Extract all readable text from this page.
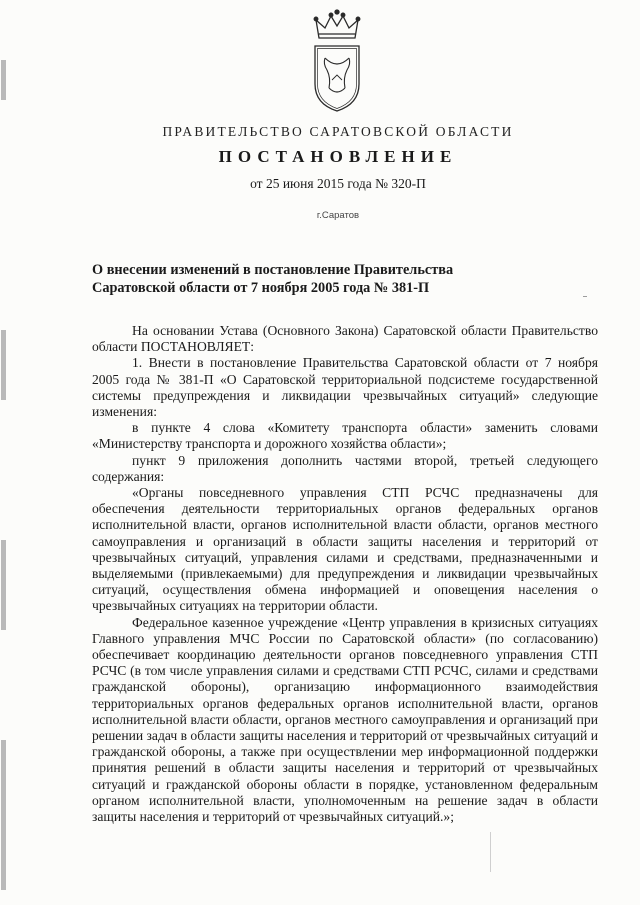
ПРАВИТЕЛЬСТВО САРАТОВСКОЙ ОБЛАСТИ
ПОСТАНОВЛЕНИЕ
от 25 июня 2015 года № 320-П
г.Саратов
О внесении изменений в постановление Правительства
Саратовской области от 7 ноября 2005 года № 381-П

На основании Устава (Основного Закона) Саратовской области Правительство области ПОСТАНОВЛЯЕТ:

1. Внести в постановление Правительства Саратовской области от 7 ноября 2005 года № 381-П «О Саратовской территориальной подсистеме государственной системы предупреждения и ликвидации чрезвычайных ситуаций» следующие изменения:

в пункте 4 слова «Комитету транспорта области» заменить словами «Министерству транспорта и дорожного хозяйства области»;

пункт 9 приложения дополнить частями второй, третьей следующего содержания:

«Органы повседневного управления СТП РСЧС предназначены для обеспечения деятельности территориальных органов федеральных органов исполнительной власти, органов исполнительной власти области, органов местного самоуправления и организаций в области защиты населения и территорий от чрезвычайных ситуаций, управления силами и средствами, предназначенными и выделяемыми (привлекаемыми) для предупреждения и ликвидации чрезвычайных ситуаций, осуществления обмена информацией и оповещения населения о чрезвычайных ситуациях на территории области.

Федеральное казенное учреждение «Центр управления в кризисных ситуациях Главного управления МЧС России по Саратовской области» (по согласованию) обеспечивает координацию деятельности органов повседневного управления СТП РСЧС (в том числе управления силами и средствами СТП РСЧС, силами и средствами гражданской обороны), организацию информационного взаимодействия территориальных органов федеральных органов исполнительной власти, органов исполнительной власти области, органов местного самоуправления и организаций при решении задач в области защиты населения и территорий от чрезвычайных ситуаций и гражданской обороны, а также при осуществлении мер информационной поддержки принятия решений в области защиты населения и территорий от чрезвычайных ситуаций и гражданской обороны области в порядке, установленном федеральным органом исполнительной власти, уполномоченным на решение задач в области защиты населения и территорий от чрезвычайных ситуаций.»;
